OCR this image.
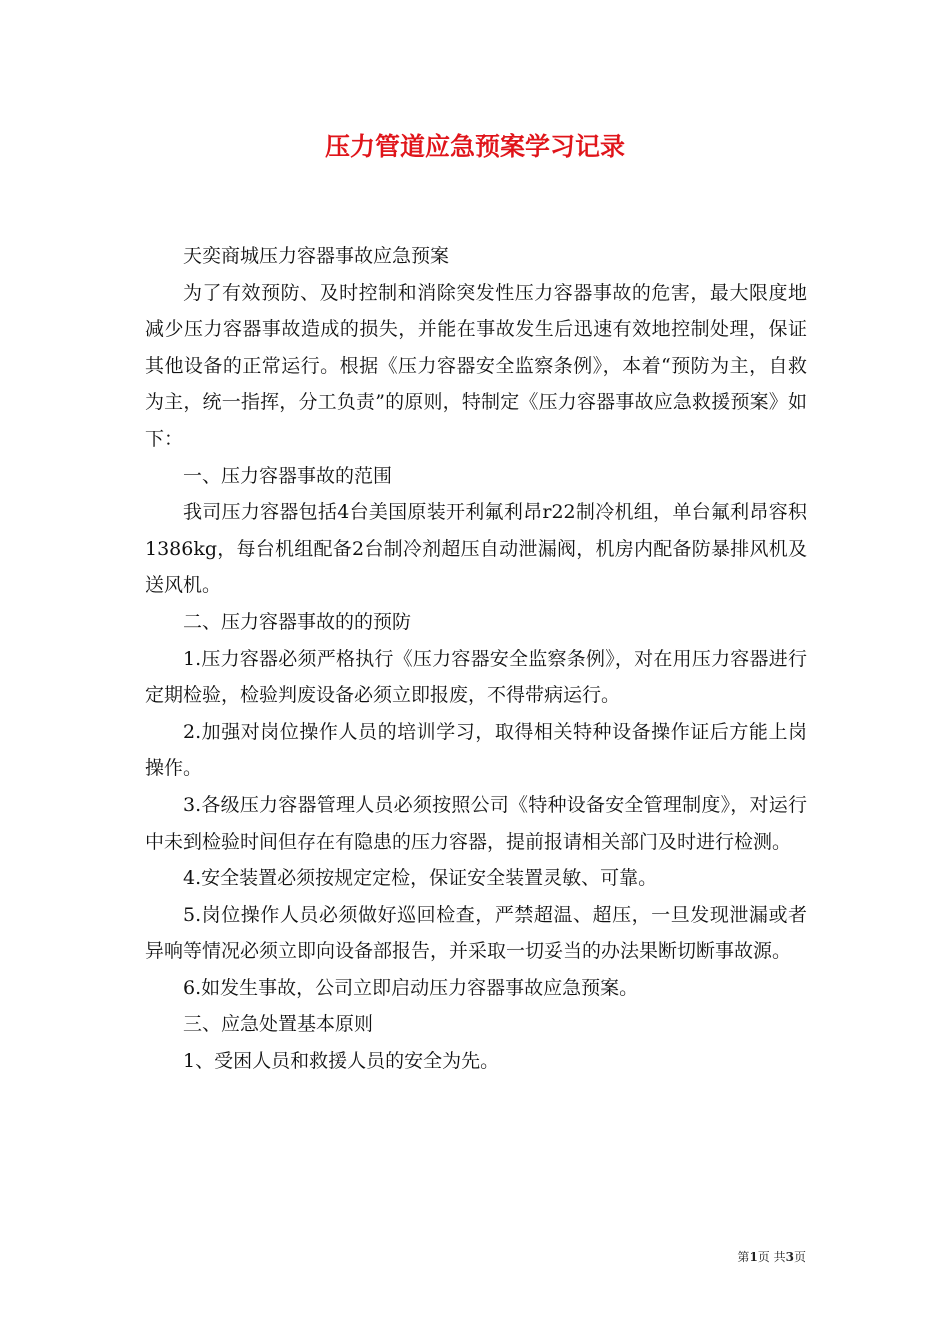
压力管道应急预案学习记录

天奕商城压力容器事故应急预案

为了有效预防、及时控制和消除突发性压力容器事故的危害，最大限度地减少压力容器事故造成的损失，并能在事故发生后迅速有效地控制处理，保证其他设备的正常运行。根据《压力容器安全监察条例》，本着“预防为主，自救为主，统一指挥，分工负责”的原则，特制定《压力容器事故应急救援预案》如下：

一、压力容器事故的范围

我司压力容器包括4台美国原装开利氟利昂r22制冷机组，单台氟利昂容积1386kg，每台机组配备2台制冷剂超压自动泄漏阀，机房内配备防暴排风机及送风机。

二、压力容器事故的的预防

1.压力容器必须严格执行《压力容器安全监察条例》，对在用压力容器进行定期检验，检验判废设备必须立即报废，不得带病运行。

2.加强对岗位操作人员的培训学习，取得相关特种设备操作证后方能上岗操作。

3.各级压力容器管理人员必须按照公司《特种设备安全管理制度》，对运行中未到检验时间但存在有隐患的压力容器，提前报请相关部门及时进行检测。

4.安全装置必须按规定定检，保证安全装置灵敏、可靠。

5.岗位操作人员必须做好巡回检查，严禁超温、超压，一旦发现泄漏或者异响等情况必须立即向设备部报告，并采取一切妥当的办法果断切断事故源。

6.如发生事故，公司立即启动压力容器事故应急预案。

三、应急处置基本原则

1、受困人员和救援人员的安全为先。

第1页 共3页
